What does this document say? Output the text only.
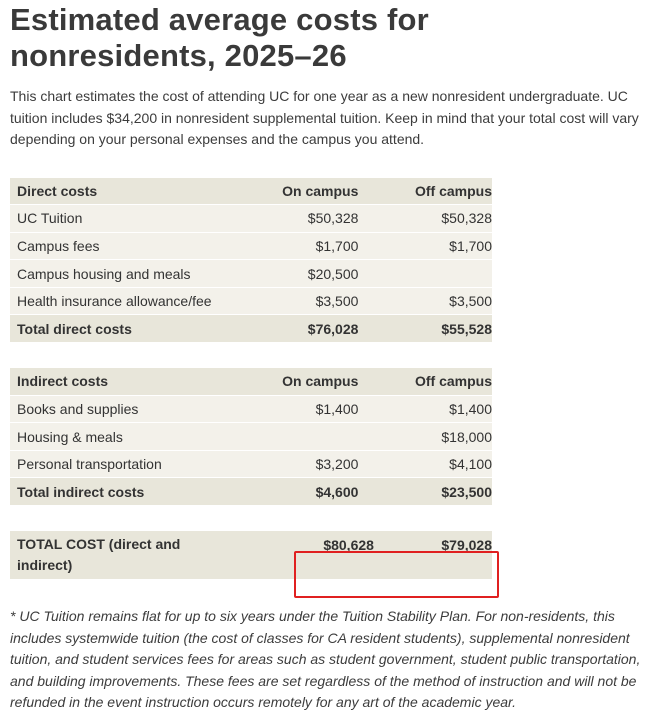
Estimated average costs for nonresidents, 2025–26

This chart estimates the cost of attending UC for one year as a new nonresident undergraduate. UC tuition includes $34,200 in nonresident supplemental tuition. Keep in mind that your total cost will vary depending on your personal expenses and the campus you attend.

Direct costs	On campus	Off campus
UC Tuition	$50,328	$50,328
Campus fees	$1,700	$1,700
Campus housing and meals	$20,500	
Health insurance allowance/fee	$3,500	$3,500
Total direct costs	$76,028	$55,528
Indirect costs	On campus	Off campus
Books and supplies	$1,400	$1,400
Housing & meals		$18,000
Personal transportation	$3,200	$4,100
Total indirect costs	$4,600	$23,500
TOTAL COST (direct and indirect)	$80,628	$79,028

* UC Tuition remains flat for up to six years under the Tuition Stability Plan. For non-residents, this includes systemwide tuition (the cost of classes for CA resident students), supplemental nonresident tuition, and student services fees for areas such as student government, student public transportation, and building improvements. These fees are set regardless of the method of instruction and will not be refunded in the event instruction occurs remotely for any art of the academic year.
